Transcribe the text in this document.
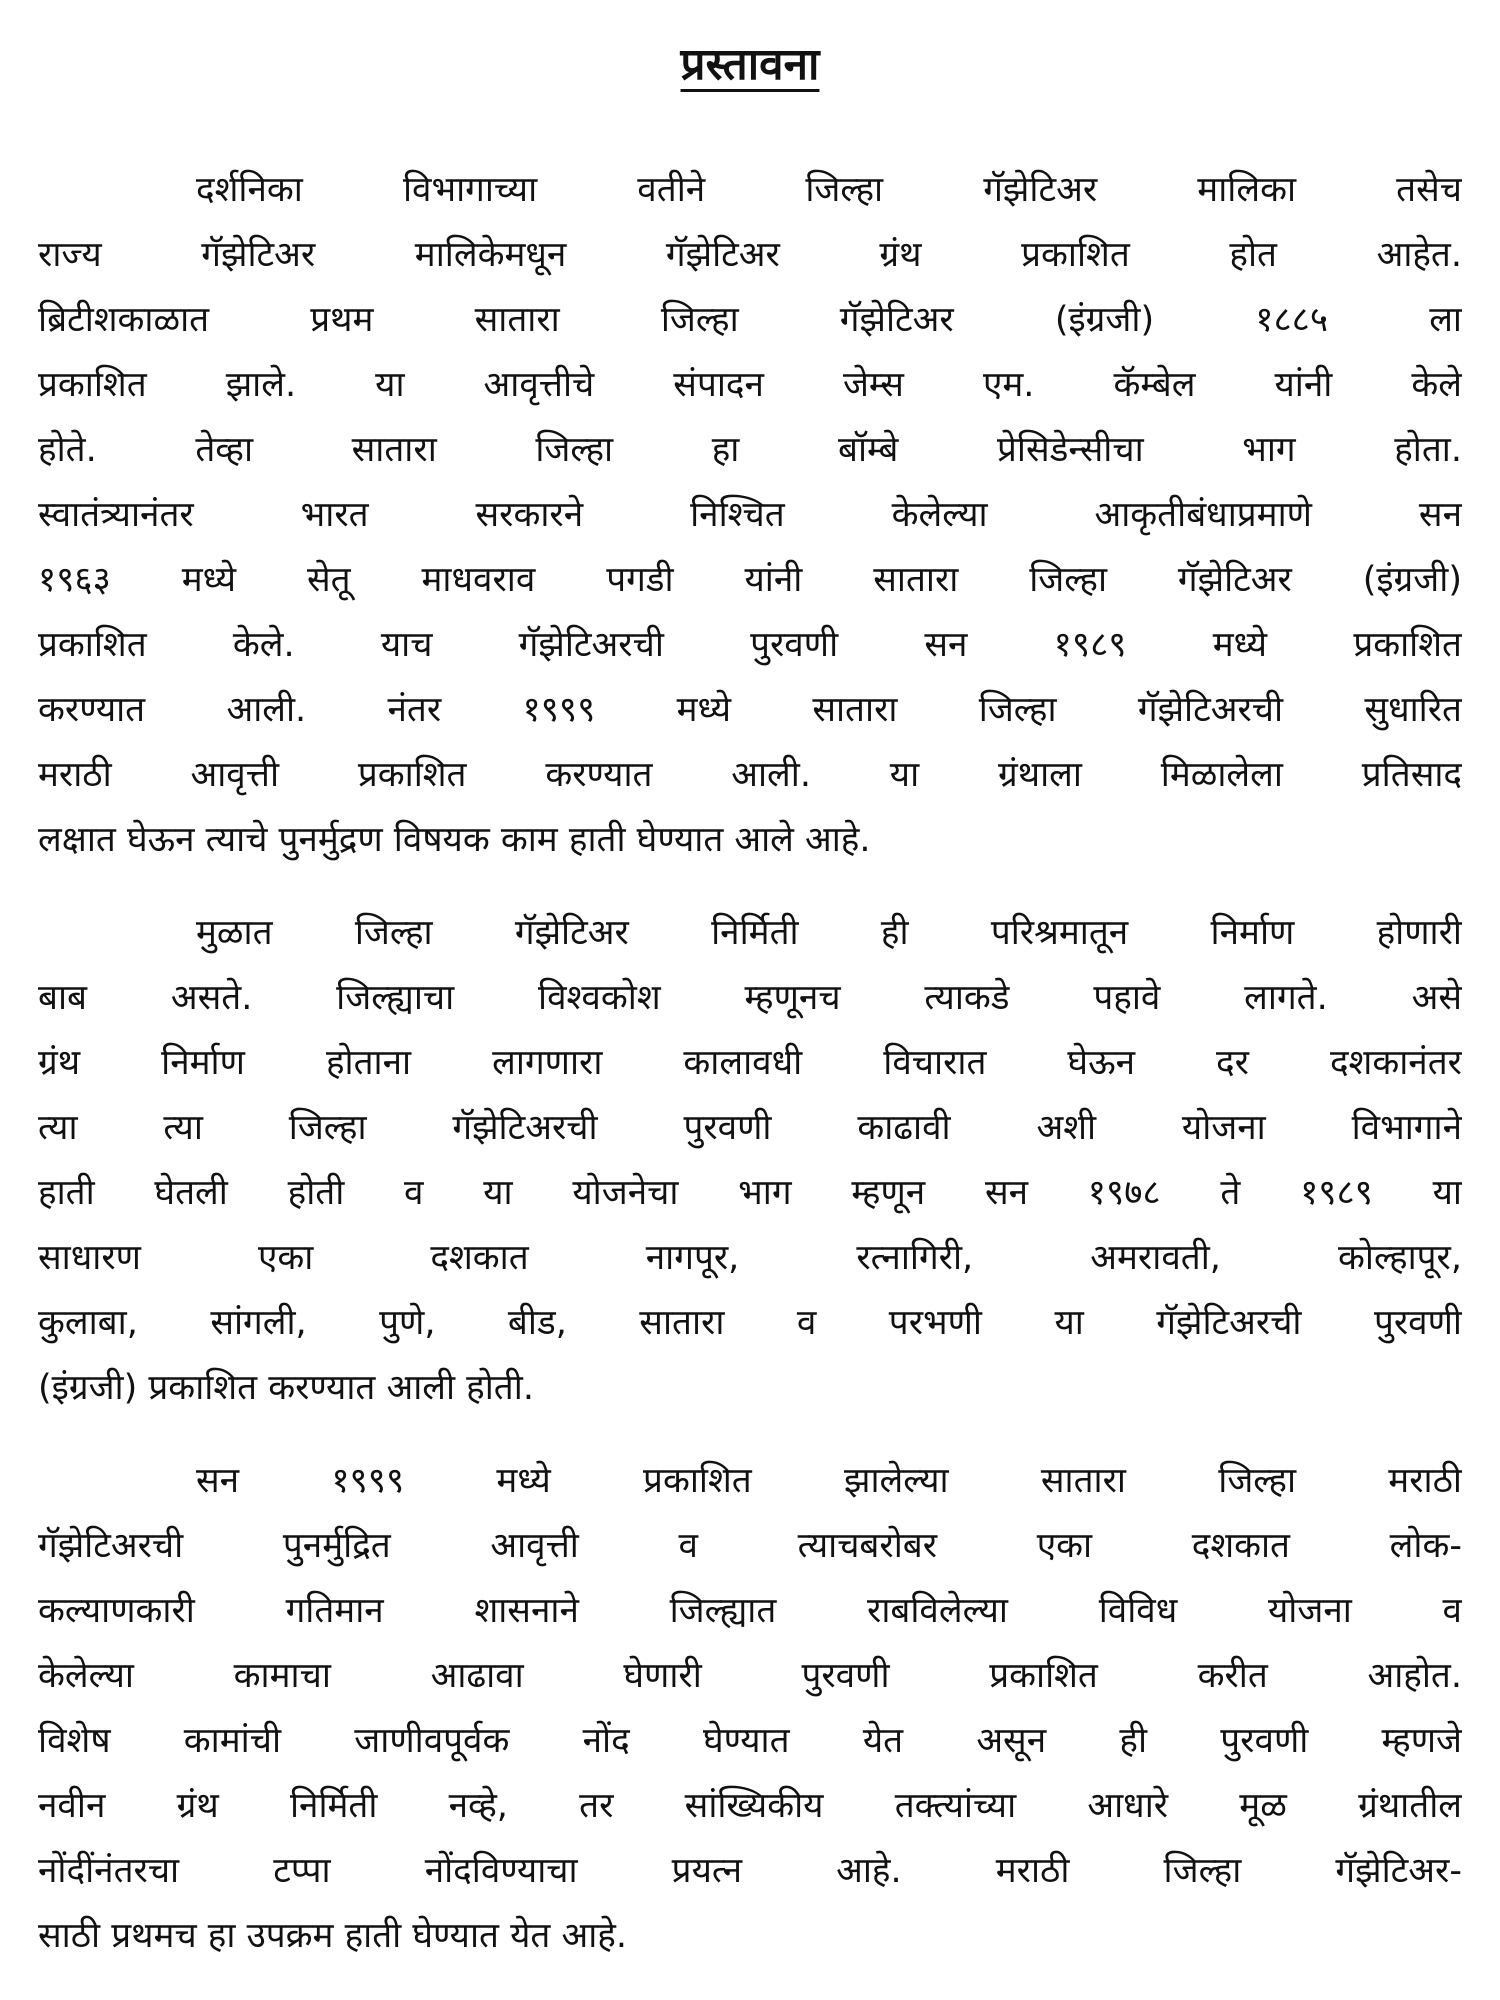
प्रस्तावना
दर्शनिका विभागाच्या वतीने जिल्हा गॅझेटिअर मालिका तसेच
राज्य गॅझेटिअर मालिकेमधून गॅझेटिअर ग्रंथ प्रकाशित होत आहेत.
ब्रिटीशकाळात प्रथम सातारा जिल्हा गॅझेटिअर (इंग्रजी) १८८५ ला
प्रकाशित झाले. या आवृत्तीचे संपादन जेम्स एम. कॅम्बेल यांनी केले
होते. तेव्हा सातारा जिल्हा हा बॉम्बे प्रेसिडेन्सीचा भाग होता.
स्वातंत्र्यानंतर भारत सरकारने निश्चित केलेल्या आकृतीबंधाप्रमाणे सन
१९६३ मध्ये सेतू माधवराव पगडी यांनी सातारा जिल्हा गॅझेटिअर (इंग्रजी)
प्रकाशित केले. याच गॅझेटिअरची पुरवणी सन १९८९ मध्ये प्रकाशित
करण्यात आली. नंतर १९९९ मध्ये सातारा जिल्हा गॅझेटिअरची सुधारित
मराठी आवृत्ती प्रकाशित करण्यात आली. या ग्रंथाला मिळालेला प्रतिसाद
लक्षात घेऊन त्याचे पुनर्मुद्रण विषयक काम हाती घेण्यात आले आहे.
मुळात जिल्हा गॅझेटिअर निर्मिती ही परिश्रमातून निर्माण होणारी
बाब असते. जिल्ह्याचा विश्वकोश म्हणूनच त्याकडे पहावे लागते. असे
ग्रंथ निर्माण होताना लागणारा कालावधी विचारात घेऊन दर दशकानंतर
त्या त्या जिल्हा गॅझेटिअरची पुरवणी काढावी अशी योजना विभागाने
हाती घेतली होती व या योजनेचा भाग म्हणून सन १९७८ ते १९८९ या
साधारण एका दशकात नागपूर, रत्नागिरी, अमरावती, कोल्हापूर,
कुलाबा, सांगली, पुणे, बीड, सातारा व परभणी या गॅझेटिअरची पुरवणी
(इंग्रजी) प्रकाशित करण्यात आली होती.
सन १९९९ मध्ये प्रकाशित झालेल्या सातारा जिल्हा मराठी
गॅझेटिअरची पुनर्मुद्रित आवृत्ती व त्याचबरोबर एका दशकात लोक-
कल्याणकारी गतिमान शासनाने जिल्ह्यात राबविलेल्या विविध योजना व
केलेल्या कामाचा आढावा घेणारी पुरवणी प्रकाशित करीत आहोत.
विशेष कामांची जाणीवपूर्वक नोंद घेण्यात येत असून ही पुरवणी म्हणजे
नवीन ग्रंथ निर्मिती नव्हे, तर सांख्यिकीय तक्त्यांच्या आधारे मूळ ग्रंथातील
नोंदींनंतरचा टप्पा नोंदविण्याचा प्रयत्न आहे. मराठी जिल्हा गॅझेटिअर-
साठी प्रथमच हा उपक्रम हाती घेण्यात येत आहे.
